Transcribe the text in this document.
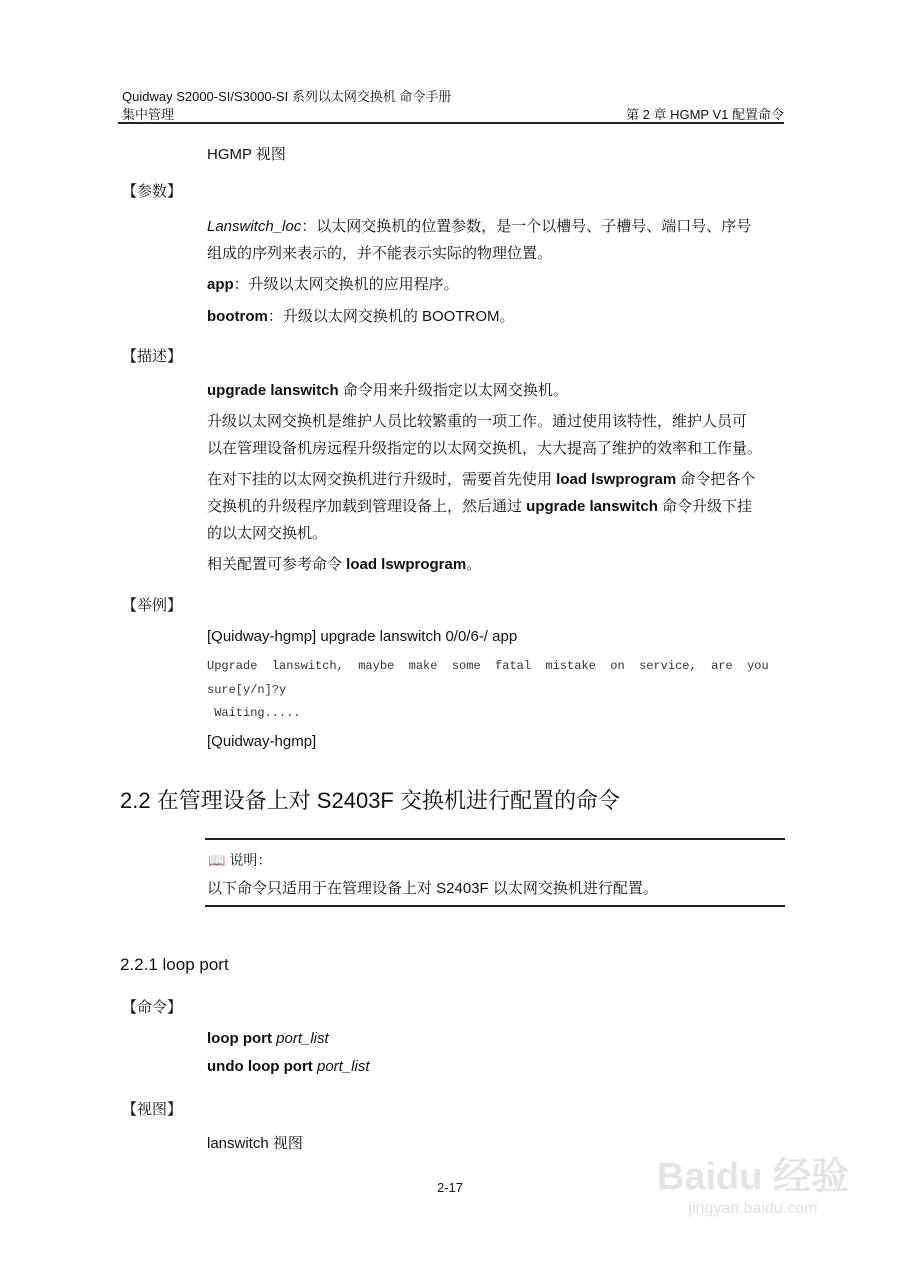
Quidway S2000-SI/S3000-SI 系列以太网交换机 命令手册
集中管理	第 2 章 HGMP V1 配置命令
HGMP 视图
【参数】
Lanswitch_loc：以太网交换机的位置参数，是一个以槽号、子槽号、端口号、序号
组成的序列来表示的，并不能表示实际的物理位置。
app：升级以太网交换机的应用程序。
bootrom：升级以太网交换机的 BOOTROM。
【描述】
upgrade lanswitch 命令用来升级指定以太网交换机。
升级以太网交换机是维护人员比较繁重的一项工作。通过使用该特性，维护人员可
以在管理设备机房远程升级指定的以太网交换机，大大提高了维护的效率和工作量。
在对下挂的以太网交换机进行升级时，需要首先使用 load lswprogram 命令把各个
交换机的升级程序加载到管理设备上，然后通过 upgrade lanswitch 命令升级下挂
的以太网交换机。
相关配置可参考命令 load lswprogram。
【举例】
[Quidway-hgmp] upgrade lanswitch 0/0/6-/ app
Upgrade  lanswitch,  maybe  make  some  fatal  mistake  on  service,  are  you
sure[y/n]?y
Waiting.....
[Quidway-hgmp]
2.2 在管理设备上对 S2403F 交换机进行配置的命令
📖 说明：
以下命令只适用于在管理设备上对 S2403F 以太网交换机进行配置。
2.2.1 loop port
【命令】
loop port port_list
undo loop port port_list
【视图】
lanswitch 视图
2-17	Baidu 经验
jingyan.baidu.com
